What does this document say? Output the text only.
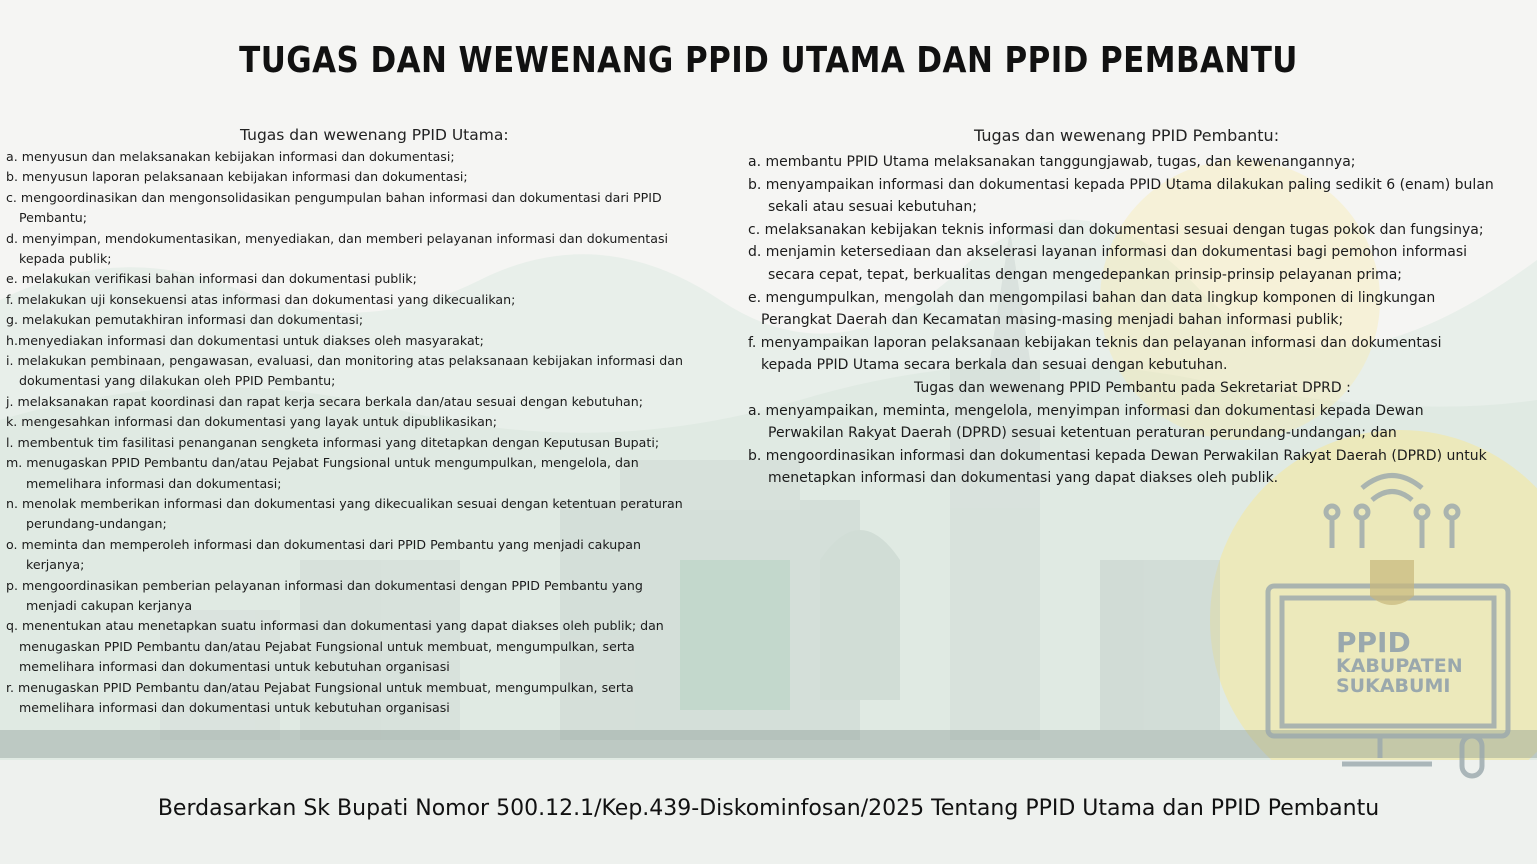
TUGAS DAN WEWENANG PPID UTAMA DAN PPID PEMBANTU
Tugas dan wewenang PPID Utama:
a. menyusun dan melaksanakan kebijakan informasi dan dokumentasi;
b. menyusun laporan pelaksanaan kebijakan informasi dan dokumentasi;
c. mengoordinasikan dan mengonsolidasikan pengumpulan bahan informasi dan dokumentasi dari PPID
Pembantu;
d. menyimpan, mendokumentasikan, menyediakan, dan memberi pelayanan informasi dan dokumentasi
kepada publik;
e. melakukan verifikasi bahan informasi dan dokumentasi publik;
f. melakukan uji konsekuensi atas informasi dan dokumentasi yang dikecualikan;
g. melakukan pemutakhiran informasi dan dokumentasi;
h.menyediakan informasi dan dokumentasi untuk diakses oleh masyarakat;
i. melakukan pembinaan, pengawasan, evaluasi, dan monitoring atas pelaksanaan kebijakan informasi dan
dokumentasi yang dilakukan oleh PPID Pembantu;
j. melaksanakan rapat koordinasi dan rapat kerja secara berkala dan/atau sesuai dengan kebutuhan;
k. mengesahkan informasi dan dokumentasi yang layak untuk dipublikasikan;
l. membentuk tim fasilitasi penanganan sengketa informasi yang ditetapkan dengan Keputusan Bupati;
m. menugaskan PPID Pembantu dan/atau Pejabat Fungsional untuk mengumpulkan, mengelola, dan
memelihara informasi dan dokumentasi;
n. menolak memberikan informasi dan dokumentasi yang dikecualikan sesuai dengan ketentuan peraturan
perundang-undangan;
o. meminta dan memperoleh informasi dan dokumentasi dari PPID Pembantu yang menjadi cakupan
kerjanya;
p. mengoordinasikan pemberian pelayanan informasi dan dokumentasi dengan PPID Pembantu yang
menjadi cakupan kerjanya
q. menentukan atau menetapkan suatu informasi dan dokumentasi yang dapat diakses oleh publik; dan
menugaskan PPID Pembantu dan/atau Pejabat Fungsional untuk membuat, mengumpulkan, serta
memelihara informasi dan dokumentasi untuk kebutuhan organisasi
r. menugaskan PPID Pembantu dan/atau Pejabat Fungsional untuk membuat, mengumpulkan, serta
memelihara informasi dan dokumentasi untuk kebutuhan organisasi
Tugas dan wewenang PPID Pembantu:
a. membantu PPID Utama melaksanakan tanggungjawab, tugas, dan kewenangannya;
b. menyampaikan informasi dan dokumentasi kepada PPID Utama dilakukan paling sedikit 6 (enam) bulan
sekali atau sesuai kebutuhan;
c. melaksanakan kebijakan teknis informasi dan dokumentasi sesuai dengan tugas pokok dan fungsinya;
d. menjamin ketersediaan dan akselerasi layanan informasi dan dokumentasi bagi pemohon informasi
secara cepat, tepat, berkualitas dengan mengedepankan prinsip-prinsip pelayanan prima;
e. mengumpulkan, mengolah dan mengompilasi bahan dan data lingkup komponen di lingkungan
Perangkat Daerah dan Kecamatan masing-masing menjadi bahan informasi publik;
f. menyampaikan laporan pelaksanaan kebijakan teknis dan pelayanan informasi dan dokumentasi
kepada PPID Utama secara berkala dan sesuai dengan kebutuhan.
Tugas dan wewenang PPID Pembantu pada Sekretariat DPRD :
a. menyampaikan, meminta, mengelola, menyimpan informasi dan dokumentasi kepada Dewan
Perwakilan Rakyat Daerah (DPRD) sesuai ketentuan peraturan perundang-undangan; dan
b. mengoordinasikan informasi dan dokumentasi kepada Dewan Perwakilan Rakyat Daerah (DPRD) untuk
menetapkan informasi dan dokumentasi yang dapat diakses oleh publik.
PPID
KABUPATEN
SUKABUMI
Berdasarkan Sk Bupati Nomor 500.12.1/Kep.439-Diskominfosan/2025 Tentang PPID Utama dan PPID Pembantu
